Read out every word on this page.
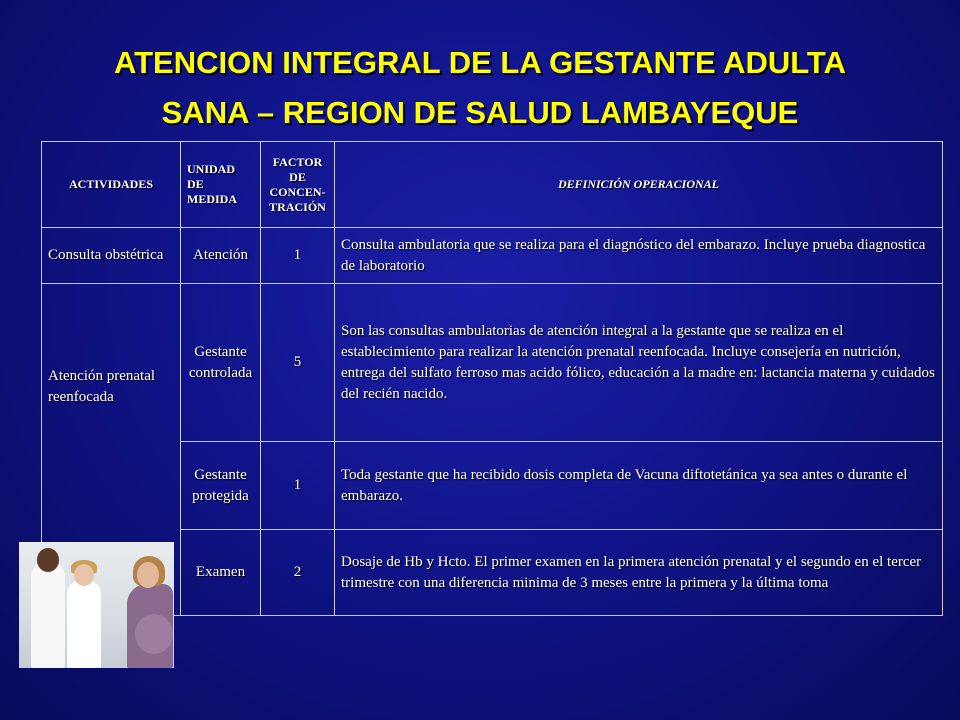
ATENCION INTEGRAL DE LA GESTANTE ADULTA
SANA – REGION DE SALUD LAMBAYEQUE
ACTIVIDADES	UNIDAD DE MEDIDA	FACTOR DE CONCEN-TRACIÓN	DEFINICIÓN OPERACIONAL
Consulta obstétrica	Atención	1	Consulta ambulatoria que se realiza para el diagnóstico del embarazo. Incluye prueba diagnostica de laboratorio
Atención prenatal reenfocada	Gestante controlada	5	Son las consultas ambulatorias de atención integral a la gestante que se realiza en el establecimiento para realizar la atención prenatal reenfocada. Incluye consejería en nutrición, entrega del sulfato ferroso mas acido fólico, educación a la madre en: lactancia materna y cuidados del recién nacido.
	Gestante protegida	1	Toda gestante que ha recibido dosis completa de Vacuna diftotetánica ya sea antes o durante el embarazo.
	Examen	2	Dosaje de Hb y Hcto. El primer examen en la primera atención prenatal y el segundo en el tercer trimestre con una diferencia minima de 3 meses entre la primera y la última toma
